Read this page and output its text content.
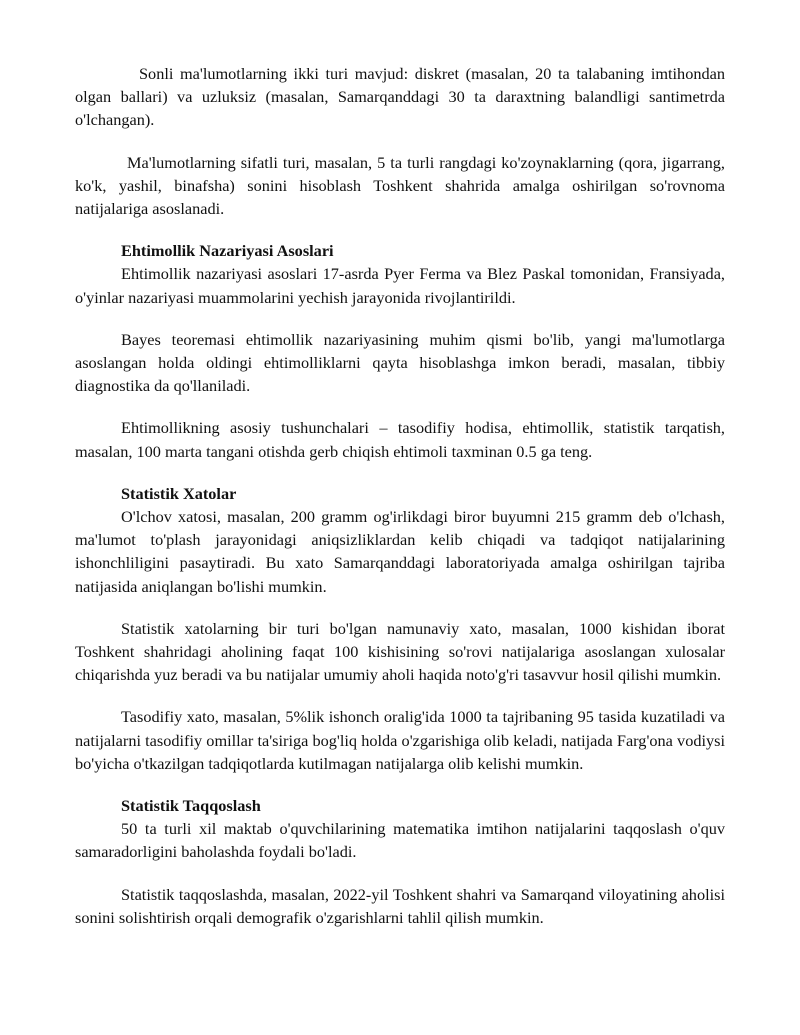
Sonli ma'lumotlarning ikki turi mavjud: diskret (masalan, 20 ta talabaning imtihondan olgan ballari) va uzluksiz (masalan, Samarqanddagi 30 ta daraxtning balandligi santimetrda o'lchangan).

Ma'lumotlarning sifatli turi, masalan, 5 ta turli rangdagi ko'zoynaklarning (qora, jigarrang, ko'k, yashil, binafsha) sonini hisoblash Toshkent shahrida amalga oshirilgan so'rovnoma natijalariga asoslanadi.

Ehtimollik Nazariyasi Asoslari

Ehtimollik nazariyasi asoslari 17-asrda Pyer Ferma va Blez Paskal tomonidan, Fransiyada, o'yinlar nazariyasi muammolarini yechish jarayonida rivojlantirildi.

Bayes teoremasi ehtimollik nazariyasining muhim qismi bo'lib, yangi ma'lumotlarga asoslangan holda oldingi ehtimolliklarni qayta hisoblashga imkon beradi, masalan, tibbiy diagnostika da qo'llaniladi.

Ehtimollikning asosiy tushunchalari – tasodifiy hodisa, ehtimollik, statistik tarqatish, masalan, 100 marta tangani otishda gerb chiqish ehtimoli taxminan 0.5 ga teng.

Statistik Xatolar

O'lchov xatosi, masalan, 200 gramm og'irlikdagi biror buyumni 215 gramm deb o'lchash, ma'lumot to'plash jarayonidagi aniqsizliklardan kelib chiqadi va tadqiqot natijalarining ishonchliligini pasaytiradi. Bu xato Samarqanddagi laboratoriyada amalga oshirilgan tajriba natijasida aniqlangan bo'lishi mumkin.

Statistik xatolarning bir turi bo'lgan namunaviy xato, masalan, 1000 kishidan iborat Toshkent shahridagi aholining faqat 100 kishisining so'rovi natijalariga asoslangan xulosalar chiqarishda yuz beradi va bu natijalar umumiy aholi haqida noto'g'ri tasavvur hosil qilishi mumkin.

Tasodifiy xato, masalan, 5%lik ishonch oralig'ida 1000 ta tajribaning 95 tasida kuzatiladi va natijalarni tasodifiy omillar ta'siriga bog'liq holda o'zgarishiga olib keladi, natijada Farg'ona vodiysi bo'yicha o'tkazilgan tadqiqotlarda kutilmagan natijalarga olib kelishi mumkin.

Statistik Taqqoslash

50 ta turli xil maktab o'quvchilarining matematika imtihon natijalarini taqqoslash o'quv samaradorligini baholashda foydali bo'ladi.

Statistik taqqoslashda, masalan, 2022-yil Toshkent shahri va Samarqand viloyatining aholisi sonini solishtirish orqali demografik o'zgarishlarni tahlil qilish mumkin.
